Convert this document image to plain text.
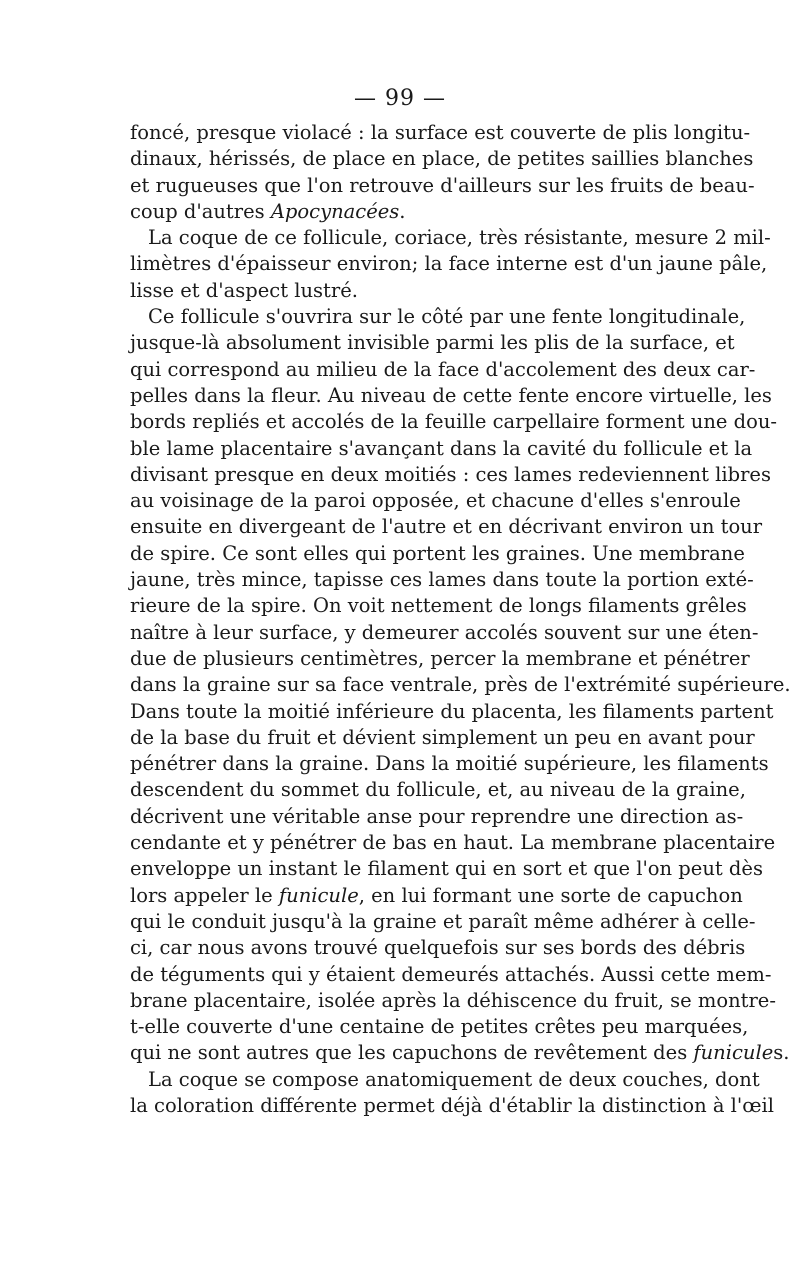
— 99 —
foncé, presque violacé : la surface est couverte de plis longitu-
dinaux, hérissés, de place en place, de petites saillies blanches
et rugueuses que l'on retrouve d'ailleurs sur les fruits de beau-
coup d'autres Apocynacées.
La coque de ce follicule, coriace, très résistante, mesure 2 mil-
limètres d'épaisseur environ; la face interne est d'un jaune pâle,
lisse et d'aspect lustré.
Ce follicule s'ouvrira sur le côté par une fente longitudinale,
jusque-là absolument invisible parmi les plis de la surface, et
qui correspond au milieu de la face d'accolement des deux car-
pelles dans la fleur. Au niveau de cette fente encore virtuelle, les
bords repliés et accolés de la feuille carpellaire forment une dou-
ble lame placentaire s'avançant dans la cavité du follicule et la
divisant presque en deux moitiés : ces lames redeviennent libres
au voisinage de la paroi opposée, et chacune d'elles s'enroule
ensuite en divergeant de l'autre et en décrivant environ un tour
de spire. Ce sont elles qui portent les graines. Une membrane
jaune, très mince, tapisse ces lames dans toute la portion exté-
rieure de la spire. On voit nettement de longs filaments grêles
naître à leur surface, y demeurer accolés souvent sur une éten-
due de plusieurs centimètres, percer la membrane et pénétrer
dans la graine sur sa face ventrale, près de l'extrémité supérieure.
Dans toute la moitié inférieure du placenta, les filaments partent
de la base du fruit et dévient simplement un peu en avant pour
pénétrer dans la graine. Dans la moitié supérieure, les filaments
descendent du sommet du follicule, et, au niveau de la graine,
décrivent une véritable anse pour reprendre une direction as-
cendante et y pénétrer de bas en haut. La membrane placentaire
enveloppe un instant le filament qui en sort et que l'on peut dès
lors appeler le funicule, en lui formant une sorte de capuchon
qui le conduit jusqu'à la graine et paraît même adhérer à celle-
ci, car nous avons trouvé quelquefois sur ses bords des débris
de téguments qui y étaient demeurés attachés. Aussi cette mem-
brane placentaire, isolée après la déhiscence du fruit, se montre-
t-elle couverte d'une centaine de petites crêtes peu marquées,
qui ne sont autres que les capuchons de revêtement des funicules.
La coque se compose anatomiquement de deux couches, dont
la coloration différente permet déjà d'établir la distinction à l'œil
